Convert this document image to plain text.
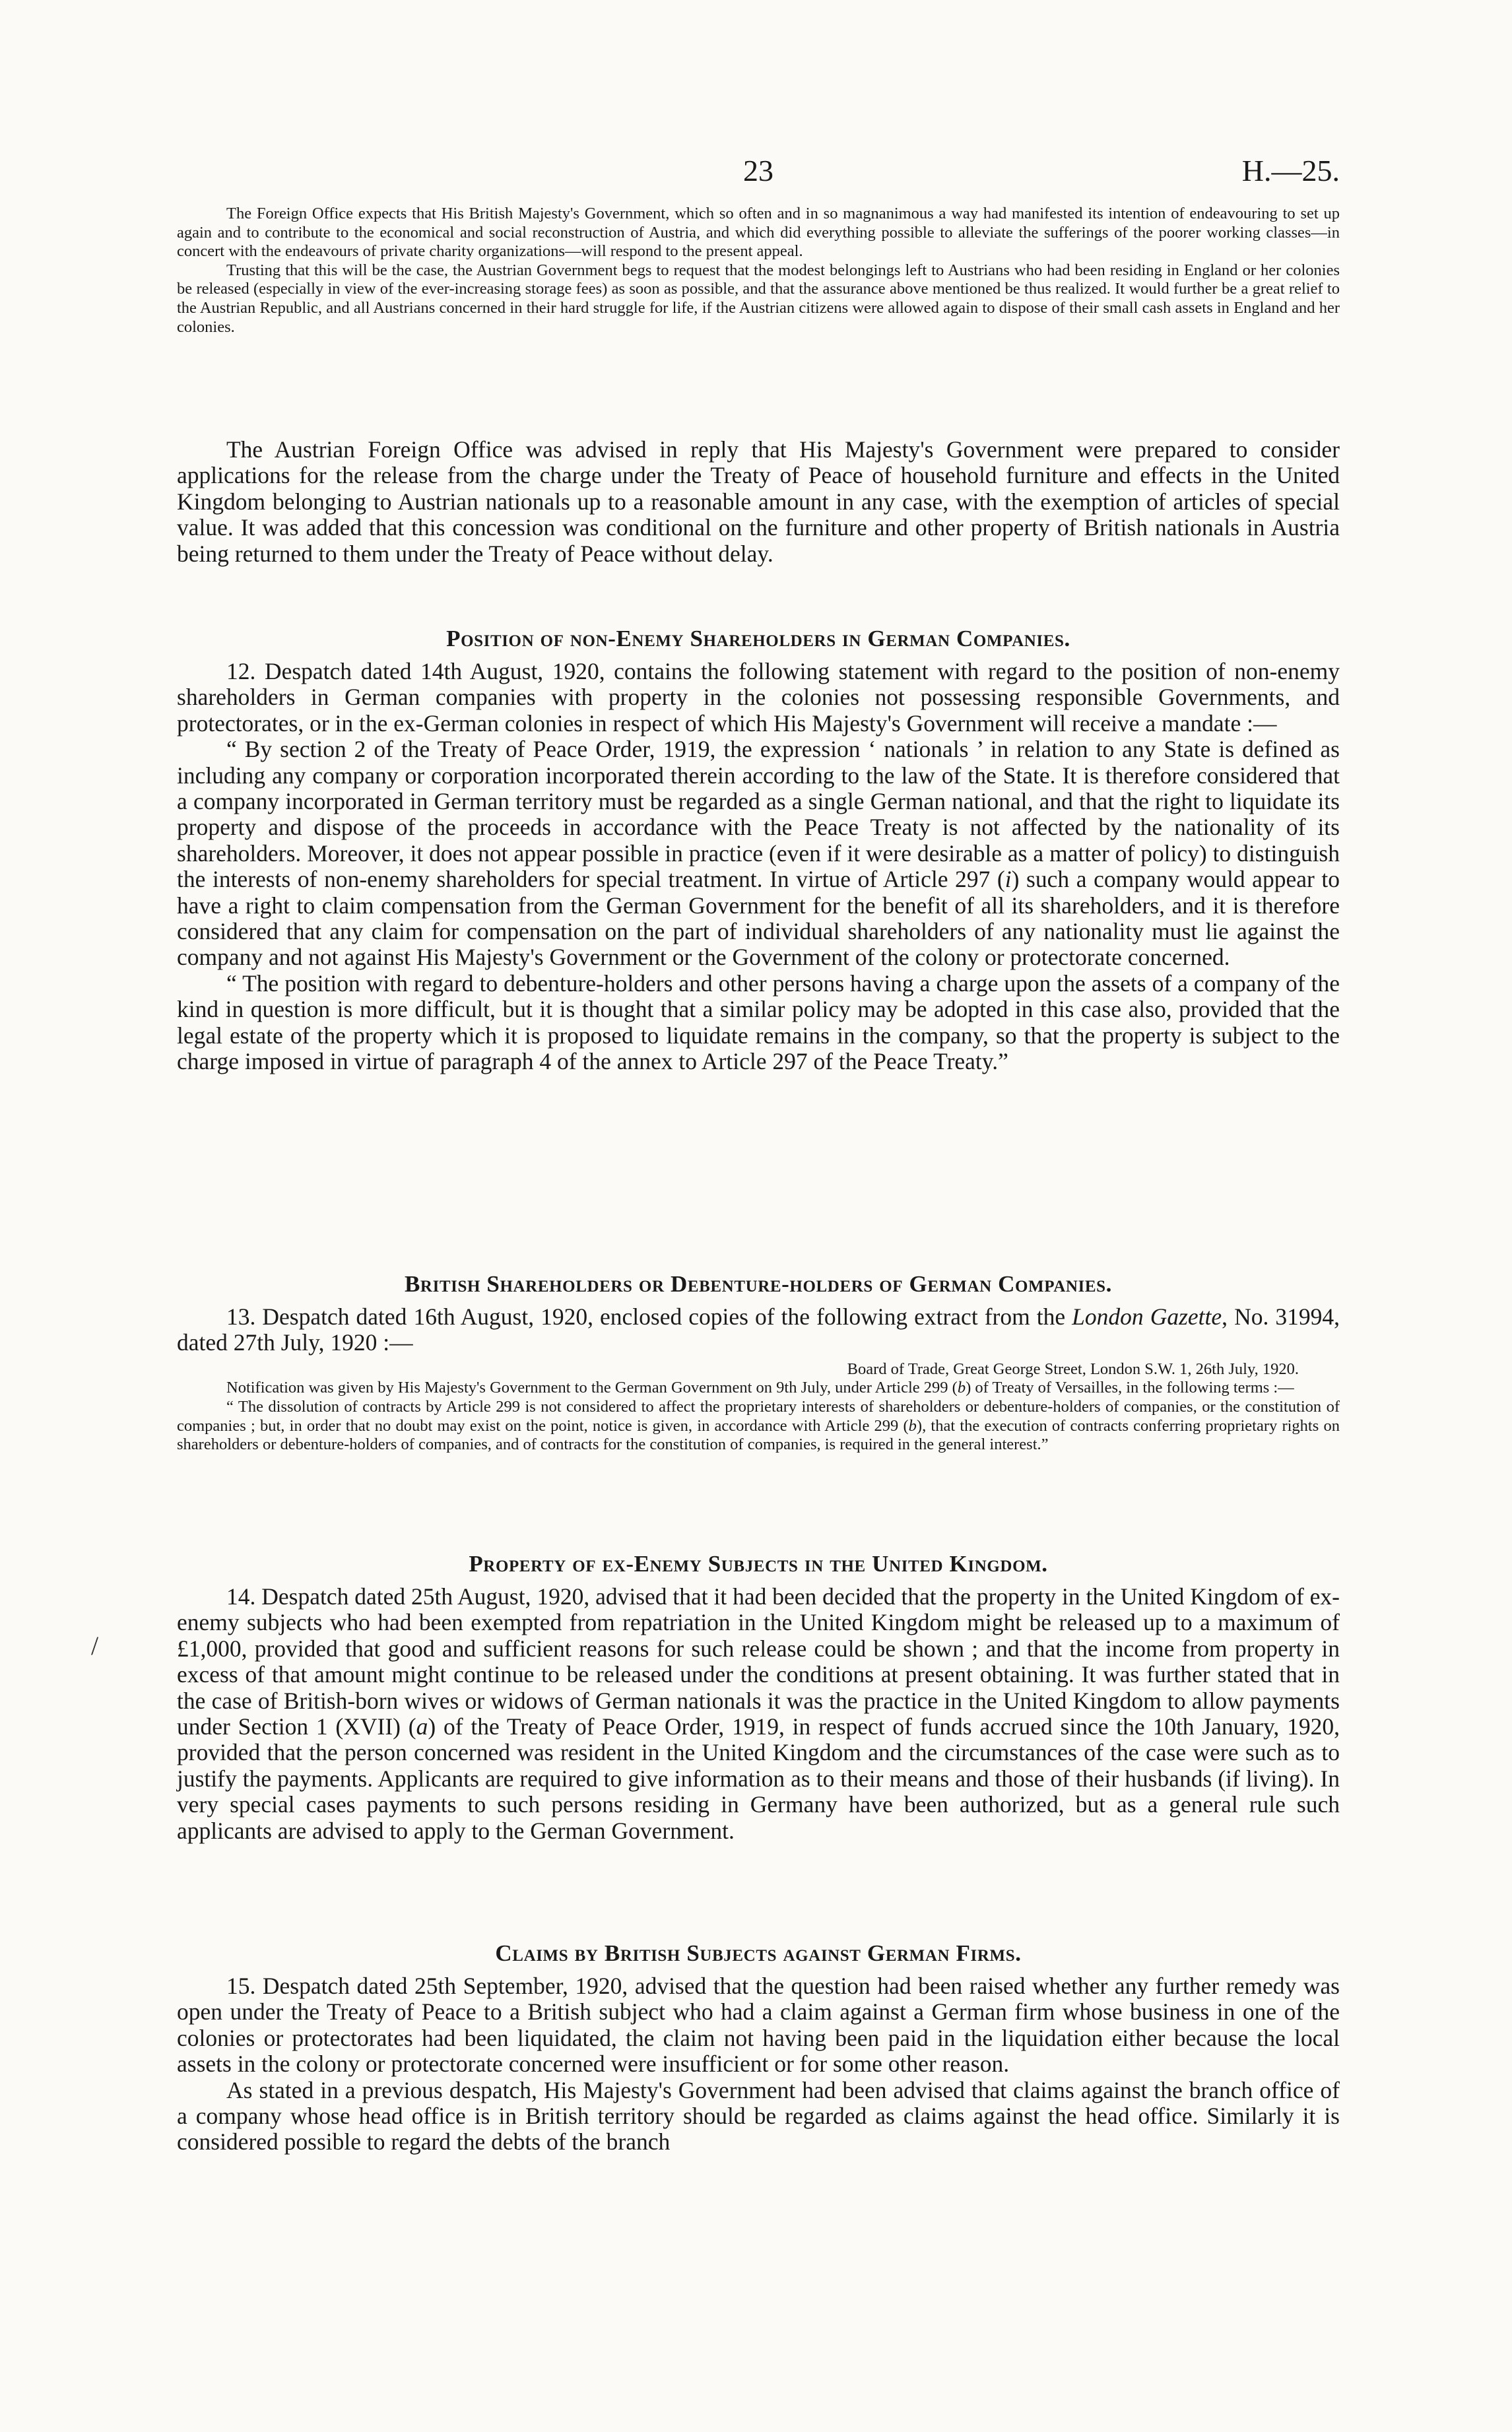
23	H.—25.

The Foreign Office expects that His British Majesty's Government, which so often and in so magnanimous a way had manifested its intention of endeavouring to set up again and to contribute to the economical and social reconstruction of Austria, and which did everything possible to alleviate the sufferings of the poorer working classes—in concert with the endeavours of private charity organizations—will respond to the present appeal.

Trusting that this will be the case, the Austrian Government begs to request that the modest belongings left to Austrians who had been residing in England or her colonies be released (especially in view of the ever-increasing storage fees) as soon as possible, and that the assurance above mentioned be thus realized. It would further be a great relief to the Austrian Republic, and all Austrians concerned in their hard struggle for life, if the Austrian citizens were allowed again to dispose of their small cash assets in England and her colonies.

The Austrian Foreign Office was advised in reply that His Majesty's Government were prepared to consider applications for the release from the charge under the Treaty of Peace of household furniture and effects in the United Kingdom belonging to Austrian nationals up to a reasonable amount in any case, with the exemption of articles of special value. It was added that this concession was conditional on the furniture and other property of British nationals in Austria being returned to them under the Treaty of Peace without delay.

Position of non-Enemy Shareholders in German Companies.

12. Despatch dated 14th August, 1920, contains the following statement with regard to the position of non-enemy shareholders in German companies with property in the colonies not possessing responsible Governments, and protectorates, or in the ex-German colonies in respect of which His Majesty's Government will receive a mandate :—

“ By section 2 of the Treaty of Peace Order, 1919, the expression ‘ nationals ’ in relation to any State is defined as including any company or corporation incorporated therein according to the law of the State. It is therefore considered that a company incorporated in German territory must be regarded as a single German national, and that the right to liquidate its property and dispose of the proceeds in accordance with the Peace Treaty is not affected by the nationality of its shareholders. Moreover, it does not appear possible in practice (even if it were desirable as a matter of policy) to distinguish the interests of non-enemy shareholders for special treatment. In virtue of Article 297 (i) such a company would appear to have a right to claim compensation from the German Government for the benefit of all its shareholders, and it is therefore considered that any claim for compensation on the part of individual shareholders of any nationality must lie against the company and not against His Majesty's Government or the Government of the colony or protectorate concerned.

“ The position with regard to debenture-holders and other persons having a charge upon the assets of a company of the kind in question is more difficult, but it is thought that a similar policy may be adopted in this case also, provided that the legal estate of the property which it is proposed to liquidate remains in the company, so that the property is subject to the charge imposed in virtue of paragraph 4 of the annex to Article 297 of the Peace Treaty.”

British Shareholders or Debenture-holders of German Companies.

13. Despatch dated 16th August, 1920, enclosed copies of the following extract from the London Gazette, No. 31994, dated 27th July, 1920 :—

Board of Trade, Great George Street, London S.W. 1, 26th July, 1920.

Notification was given by His Majesty's Government to the German Government on 9th July, under Article 299 (b) of Treaty of Versailles, in the following terms :—

“ The dissolution of contracts by Article 299 is not considered to affect the proprietary interests of shareholders or debenture-holders of companies, or the constitution of companies ; but, in order that no doubt may exist on the point, notice is given, in accordance with Article 299 (b), that the execution of contracts conferring proprietary rights on shareholders or debenture-holders of companies, and of contracts for the constitution of companies, is required in the general interest.”

Property of ex-Enemy Subjects in the United Kingdom.

14. Despatch dated 25th August, 1920, advised that it had been decided that the property in the United Kingdom of ex-enemy subjects who had been exempted from repatriation in the United Kingdom might be released up to a maximum of £1,000, provided that good and sufficient reasons for such release could be shown ; and that the income from property in excess of that amount might continue to be released under the conditions at present obtaining. It was further stated that in the case of British-born wives or widows of German nationals it was the practice in the United Kingdom to allow payments under Section 1 (XVII) (a) of the Treaty of Peace Order, 1919, in respect of funds accrued since the 10th January, 1920, provided that the person concerned was resident in the United Kingdom and the circumstances of the case were such as to justify the payments. Applicants are required to give information as to their means and those of their husbands (if living). In very special cases payments to such persons residing in Germany have been authorized, but as a general rule such applicants are advised to apply to the German Government.

Claims by British Subjects against German Firms.

15. Despatch dated 25th September, 1920, advised that the question had been raised whether any further remedy was open under the Treaty of Peace to a British subject who had a claim against a German firm whose business in one of the colonies or protectorates had been liquidated, the claim not having been paid in the liquidation either because the local assets in the colony or protectorate concerned were insufficient or for some other reason.

As stated in a previous despatch, His Majesty's Government had been advised that claims against the branch office of a company whose head office is in British territory should be regarded as claims against the head office. Similarly it is considered possible to regard the debts of the branch

/
